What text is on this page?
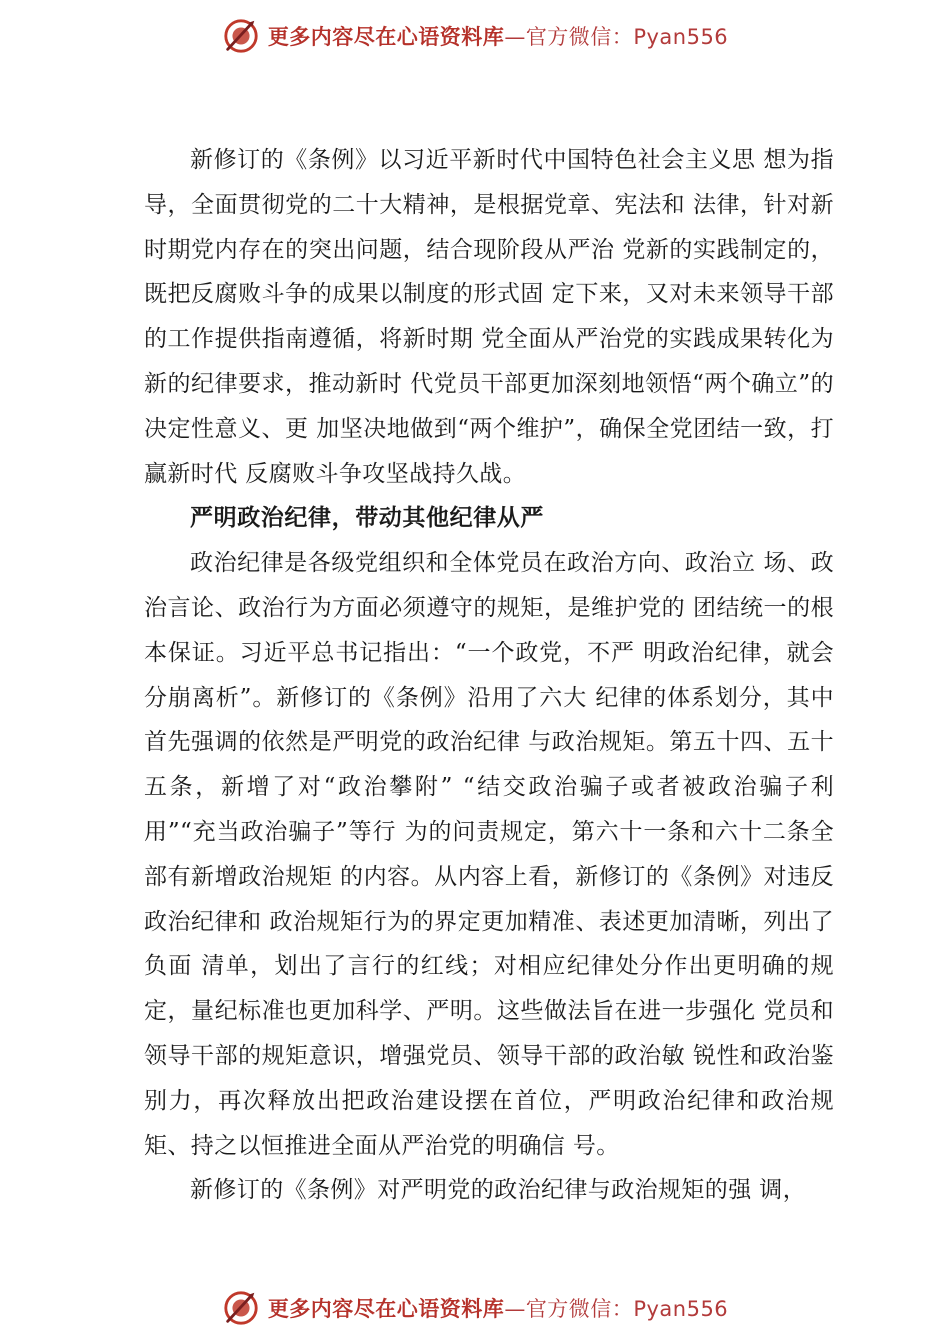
更多内容尽在心语资料库—官方微信：Pyan556

新修订的《条例》以习近平新时代中国特色社会主义思 想为指导，全面贯彻党的二十大精神，是根据党章、宪法和 法律，针对新时期党内存在的突出问题，结合现阶段从严治 党新的实践制定的，既把反腐败斗争的成果以制度的形式固 定下来，又对未来领导干部的工作提供指南遵循，将新时期 党全面从严治党的实践成果转化为新的纪律要求，推动新时 代党员干部更加深刻地领悟“两个确立”的决定性意义、更 加坚决地做到“两个维护”，确保全党团结一致，打赢新时代 反腐败斗争攻坚战持久战。

严明政治纪律，带动其他纪律从严

政治纪律是各级党组织和全体党员在政治方向、政治立 场、政治言论、政治行为方面必须遵守的规矩，是维护党的 团结统一的根本保证。习近平总书记指出：“一个政党，不严 明政治纪律，就会分崩离析”。新修订的《条例》沿用了六大 纪律的体系划分，其中首先强调的依然是严明党的政治纪律 与政治规矩。第五十四、五十五条，新增了对“政治攀附” “结交政治骗子或者被政治骗子利用”“充当政治骗子”等行 为的问责规定，第六十一条和六十二条全部有新增政治规矩 的内容。从内容上看，新修订的《条例》对违反政治纪律和 政治规矩行为的界定更加精准、表述更加清晰，列出了负面 清单，划出了言行的红线；对相应纪律处分作出更明确的规 定，量纪标准也更加科学、严明。这些做法旨在进一步强化 党员和领导干部的规矩意识，增强党员、领导干部的政治敏 锐性和政治鉴别力，再次释放出把政治建设摆在首位，严明政治纪律和政治规矩、持之以恒推进全面从严治党的明确信 号。

新修订的《条例》对严明党的政治纪律与政治规矩的强 调，

更多内容尽在心语资料库—官方微信：Pyan556
